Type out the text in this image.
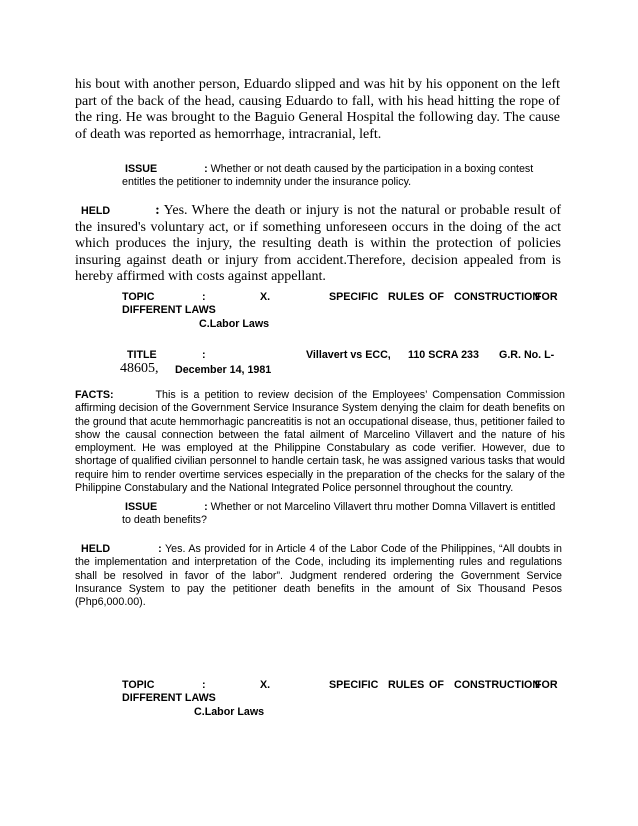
his bout with another person, Eduardo slipped and was hit by his opponent on the left part of the back of the head, causing Eduardo to fall, with his head hitting the rope of the ring. He was brought to the Baguio General Hospital the following day. The cause of death was reported as hemorrhage, intracranial, left.

ISSUE	: Whether or not death caused by the participation in a boxing contest entitles the petitioner to indemnity under the insurance policy.
HELD	: Yes. Where the death or injury is not the natural or probable result of the insured's voluntary act, or if something unforeseen occurs in the doing of the act which produces the injury, the resulting death is within the protection of policies insuring against death or injury from accident.Therefore, decision appealed from is hereby affirmed with costs against appellant.
TOPIC	:	X.	SPECIFIC RULES OF CONSTRUCTION
FOR
DIFFERENT LAWS
C.Labor Laws
TITLE	:	Villavert vs ECC, 110 SCRA 233 G.R. No. L-
48605, December 14, 1981
FACTS:	This is a petition to review decision of the Employees’ Compensation Commission affirming decision of the Government Service Insurance System denying the claim for death benefits on the ground that acute hemmorhagic pancreatitis is not an occupational disease, thus, petitioner failed to show the causal connection between the fatal ailment of Marcelino Villavert and the nature of his employment. He was employed at the Philippine Constabulary as code verifier. However, due to shortage of qualified civilian personnel to handle certain task, he was assigned various tasks that would require him to render overtime services especially in the preparation of the checks for the salary of the Philippine Constabulary and the National Integrated Police personnel throughout the country.
ISSUE	: Whether or not Marcelino Villavert thru mother Domna Villavert is entitled to death benefits?
HELD	: Yes. As provided for in Article 4 of the Labor Code of the Philippines, “All doubts in the implementation and interpretation of the Code, including its implementing rules and regulations shall be resolved in favor of the labor”. Judgment rendered ordering the Government Service Insurance System to pay the petitioner death benefits in the amount of Six Thousand Pesos (Php6,000.00).
TOPIC	:	X.	SPECIFIC RULES OF CONSTRUCTION
FOR
DIFFERENT LAWS
C.Labor Laws
